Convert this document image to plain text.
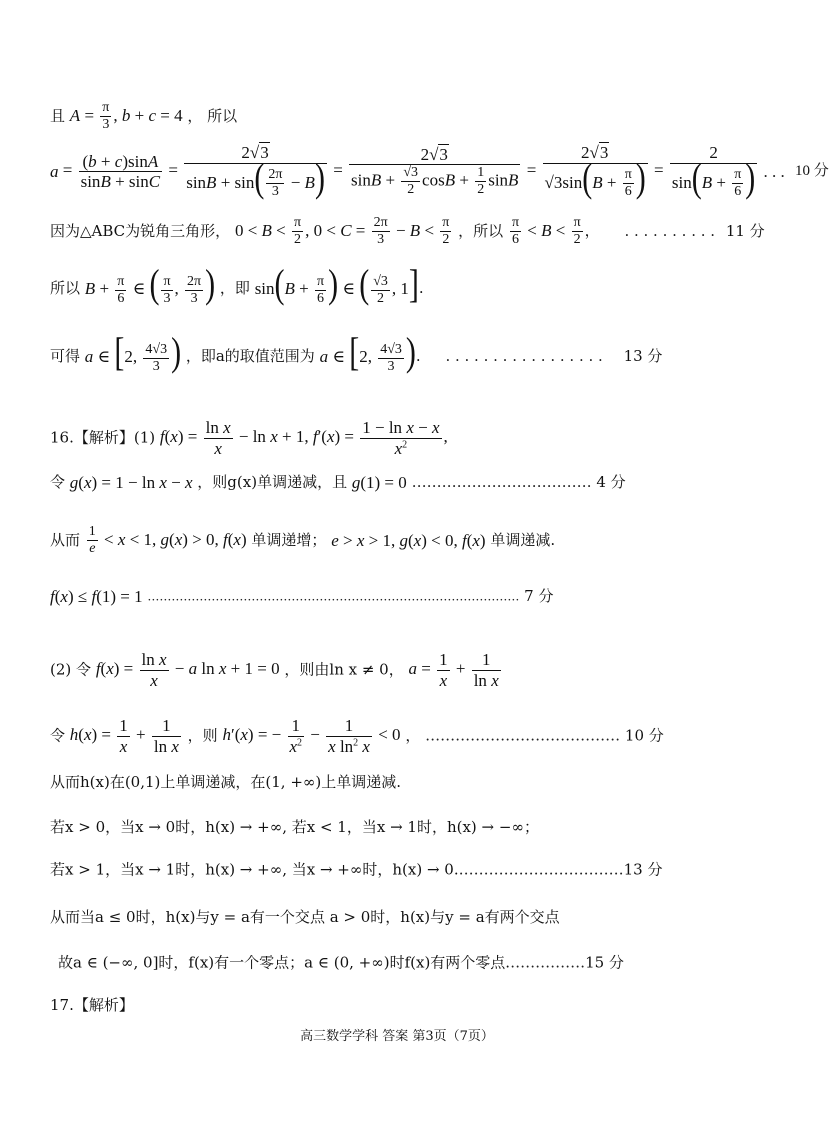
且 $A = \frac{\pi}{3}$ , b + c = 4 ， 所以
$a = \frac{(b + c)\sin A}{\sin B + \sin C} = \frac{2√3}{\sin B + \sin( \frac{2\pi}{3} - B)} = \frac{2√3}{\sin B + \frac{√3}{2} \cos B + \frac{1}{2} \sin B} = \frac{2√3}{√3\sin(B + \frac{\pi}{6} )} = \frac{2}{\sin(B + \frac{\pi}{6} )}$ . . . 10 分
因为△ABC为锐角三角形， $0 < B < \frac{\pi}{2}$ , $0 < C = \frac{2\pi}{3} - B < \frac{\pi}{2}$ ，所以 $\frac{\pi}{6} < B < \frac{\pi}{2}$ ， . . . . . . . . . . 11 分
所以 $B + \frac{\pi}{6}$ ∈ ( $\frac{\pi}{3}$ , $\frac{2\pi}{3}$ ) ，即 $\sin(B + \frac{\pi}{6}$ ) ∈ ( $\frac{√3}{2}$ , 1].
可得 a ∈ [2, $\frac{4√3}{3}$ ) ，即a的取值范围为 a ∈ [2, $\frac{4√3}{3}$ ). . . . . . . . . . . . . . . . . . 13 分
16.【解析】(1) $f(x) = \frac{\text{ln x}}{x} - \ln x + 1$, $f'(x) = \frac{\text{1 − ln x − x}}{x^2}$ ,
令 g(x) = 1 − ln x − x ，则g(x)单调递减，且 g(1) = 0 ……………………………… 4 分
从而 $\frac{1}{e} < x < 1$, g(x) > 0, f(x) 单调递增； e > x > 1, g(x) < 0, f(x) 单调递减.
f(x) ≤ f(1) = 1 ………………………………………………………………………………… 7 分
(2) 令 $f(x) = \frac{\text{ln x}}{x} - a$ ln x + 1 = 0 ，则由ln x ≠ 0， $a = \frac{1}{x} + \frac{1}{\text{ln x}}$
令 $h(x) = \frac{1}{x} + \frac{1}{\text{ln x}}$ ，则 h′(x) = − $\frac{1}{x^2} - \frac{1}{x \ln^2 x} < 0$ ， ………………………………… 10 分
从而h(x)在(0,1)上单调递减，在(1, +∞)上单调递减.
若x > 0，当x → 0时，h(x) → +∞, 若x < 1，当x → 1时，h(x) → −∞；
若x > 1，当x → 1时，h(x) → +∞, 当x → +∞时，h(x) → 0.……………………………13 分
从而当a ≤ 0时，h(x)与y = a有一个交点 a > 0时，h(x)与y = a有两个交点
故a ∈ (−∞, 0]时，f(x)有一个零点；a ∈ (0, +∞)时f(x)有两个零点.……………15 分
17.【解析】
高三数学学科 答案 第3页（7页）
